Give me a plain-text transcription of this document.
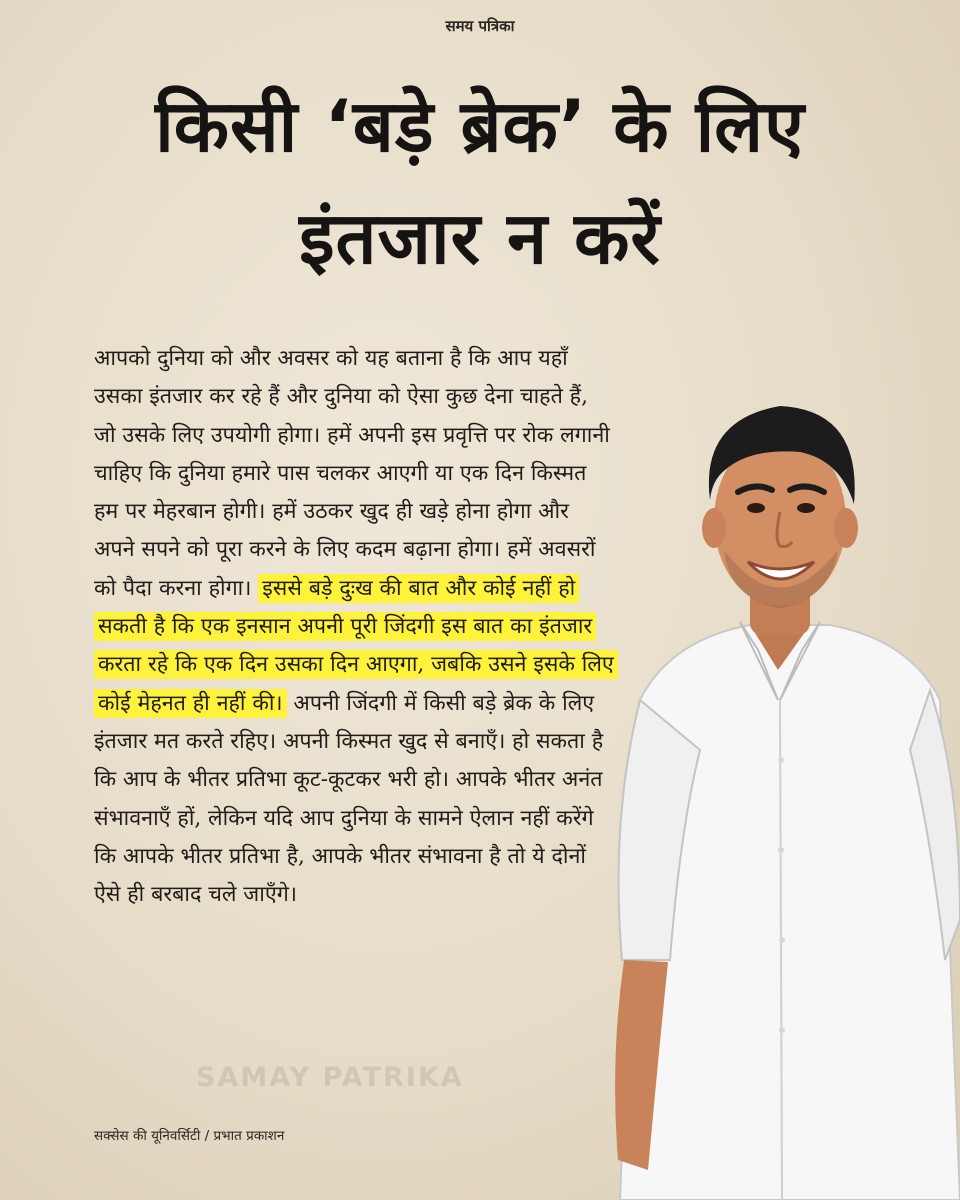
समय पत्रिका
किसी ‘बड़े ब्रेक’ के लिए
इंतजार न करें
आपको दुनिया को और अवसर को यह बताना है कि आप यहाँ उसका इंतजार कर रहे हैं और दुनिया को ऐसा कुछ देना चाहते हैं, जो उसके लिए उपयोगी होगा। हमें अपनी इस प्रवृत्ति पर रोक लगानी चाहिए कि दुनिया हमारे पास चलकर आएगी या एक दिन किस्मत हम पर मेहरबान होगी। हमें उठकर खुद ही खड़े होना होगा और अपने सपने को पूरा करने के लिए कदम बढ़ाना होगा। हमें अवसरों को पैदा करना होगा। इससे बड़े दुःख की बात और कोई नहीं हो सकती है कि एक इनसान अपनी पूरी जिंदगी इस बात का इंतजार करता रहे कि एक दिन उसका दिन आएगा, जबकि उसने इसके लिए कोई मेहनत ही नहीं की। अपनी जिंदगी में किसी बड़े ब्रेक के लिए इंतजार मत करते रहिए। अपनी किस्मत खुद से बनाएँ। हो सकता है कि आप के भीतर प्रतिभा कूट-कूटकर भरी हो। आपके भीतर अनंत संभावनाएँ हों, लेकिन यदि आप दुनिया के सामने ऐलान नहीं करेंगे कि आपके भीतर प्रतिभा है, आपके भीतर संभावना है तो ये दोनों ऐसे ही बरबाद चले जाएँगे।
SAMAY PATRIKA
सक्सेस की यूनिवर्सिटी / प्रभात प्रकाशन
